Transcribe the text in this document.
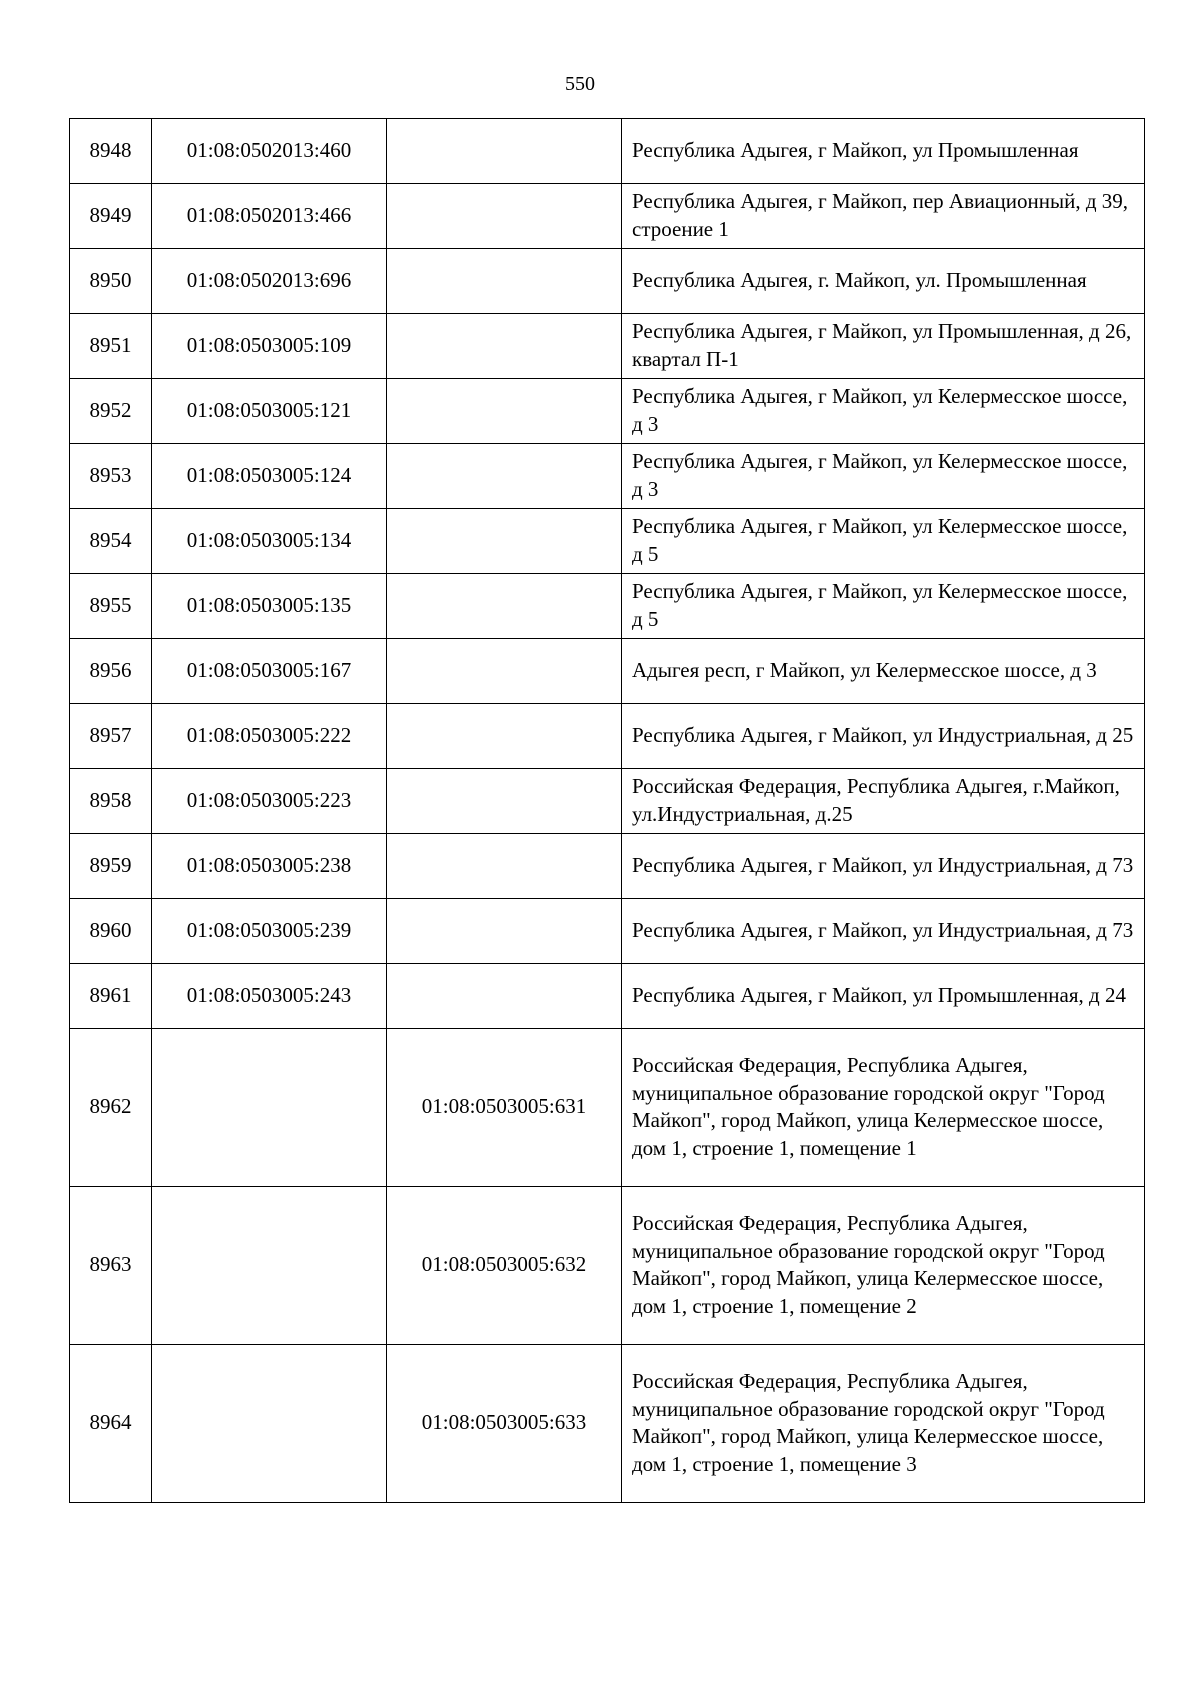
550
8948	01:08:0502013:460		Республика Адыгея, г Майкоп, ул Промышленная
8949	01:08:0502013:466		Республика Адыгея, г Майкоп, пер Авиационный, д 39, строение 1
8950	01:08:0502013:696		Республика Адыгея, г. Майкоп, ул. Промышленная
8951	01:08:0503005:109		Республика Адыгея, г Майкоп, ул Промышленная, д 26, квартал П-1
8952	01:08:0503005:121		Республика Адыгея, г Майкоп, ул Келермесское шоссе, д 3
8953	01:08:0503005:124		Республика Адыгея, г Майкоп, ул Келермесское шоссе, д 3
8954	01:08:0503005:134		Республика Адыгея, г Майкоп, ул Келермесское шоссе, д 5
8955	01:08:0503005:135		Республика Адыгея, г Майкоп, ул Келермесское шоссе, д 5
8956	01:08:0503005:167		Адыгея респ, г Майкоп, ул Келермесское шоссе, д 3
8957	01:08:0503005:222		Республика Адыгея, г Майкоп, ул Индустриальная, д 25
8958	01:08:0503005:223		Российская Федерация, Республика Адыгея, г.Майкоп, ул.Индустриальная, д.25
8959	01:08:0503005:238		Республика Адыгея, г Майкоп, ул Индустриальная, д 73
8960	01:08:0503005:239		Республика Адыгея, г Майкоп, ул Индустриальная, д 73
8961	01:08:0503005:243		Республика Адыгея, г Майкоп, ул Промышленная, д 24
8962		01:08:0503005:631	Российская Федерация, Республика Адыгея, муниципальное образование городской округ "Город Майкоп", город Майкоп, улица Келермесское шоссе, дом 1, строение 1, помещение 1
8963		01:08:0503005:632	Российская Федерация, Республика Адыгея, муниципальное образование городской округ "Город Майкоп", город Майкоп, улица Келермесское шоссе, дом 1, строение 1, помещение 2
8964		01:08:0503005:633	Российская Федерация, Республика Адыгея, муниципальное образование городской округ "Город Майкоп", город Майкоп, улица Келермесское шоссе, дом 1, строение 1, помещение 3
